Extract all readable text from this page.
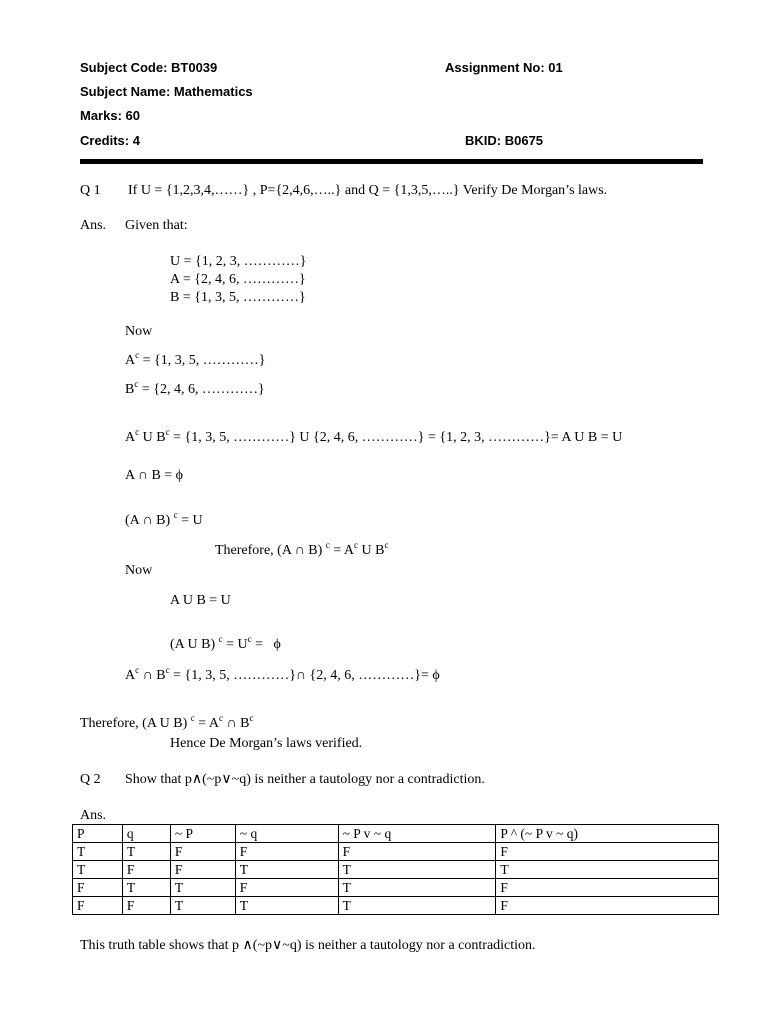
Subject Code: BT0039	Assignment No: 01
Subject Name: Mathematics
Marks: 60
Credits: 4	BKID: B0675
Q 1 If U = {1,2,3,4,……} , P={2,4,6,…..} and Q = {1,3,5,…..} Verify De Morgan’s laws.
Ans. Given that:
U = {1, 2, 3, …………}
A = {2, 4, 6, …………}
B = {1, 3, 5, …………}
Now
$A^c = \{1$, 3, 5, …………}
$B^c = \{2$, 4, 6, …………}
$A^c$ U $B^c = \{1$, 3, 5, …………} U {2, 4, 6, …………} = {1, 2, 3, …………}= A U B = U
A ∩ B = ϕ
(A ∩ B) $^c$ = U
Therefore, (A ∩ B) $^c = A^c$ U $B^c$
Now
A U B = U
(A U B) $^c = U^c = \phi$
$A^c$ ∩ $B^c = \{1$, 3, 5, …………}∩ {2, 4, 6, …………}= ϕ
Therefore, (A U B) $^c = A^c$ ∩ $B^c$
Hence De Morgan’s laws verified.
Q 2 Show that p∧(~p∨~q) is neither a tautology nor a contradiction.
Ans.
P	q	~ P	~ q	~ P v ~ q	P ^ (~ P v ~ q)
T	T	F	F	F	F
T	F	F	T	T	T
F	T	T	F	T	F
F	F	T	T	T	F
This truth table shows that p ∧(~p∨~q) is neither a tautology nor a contradiction.
